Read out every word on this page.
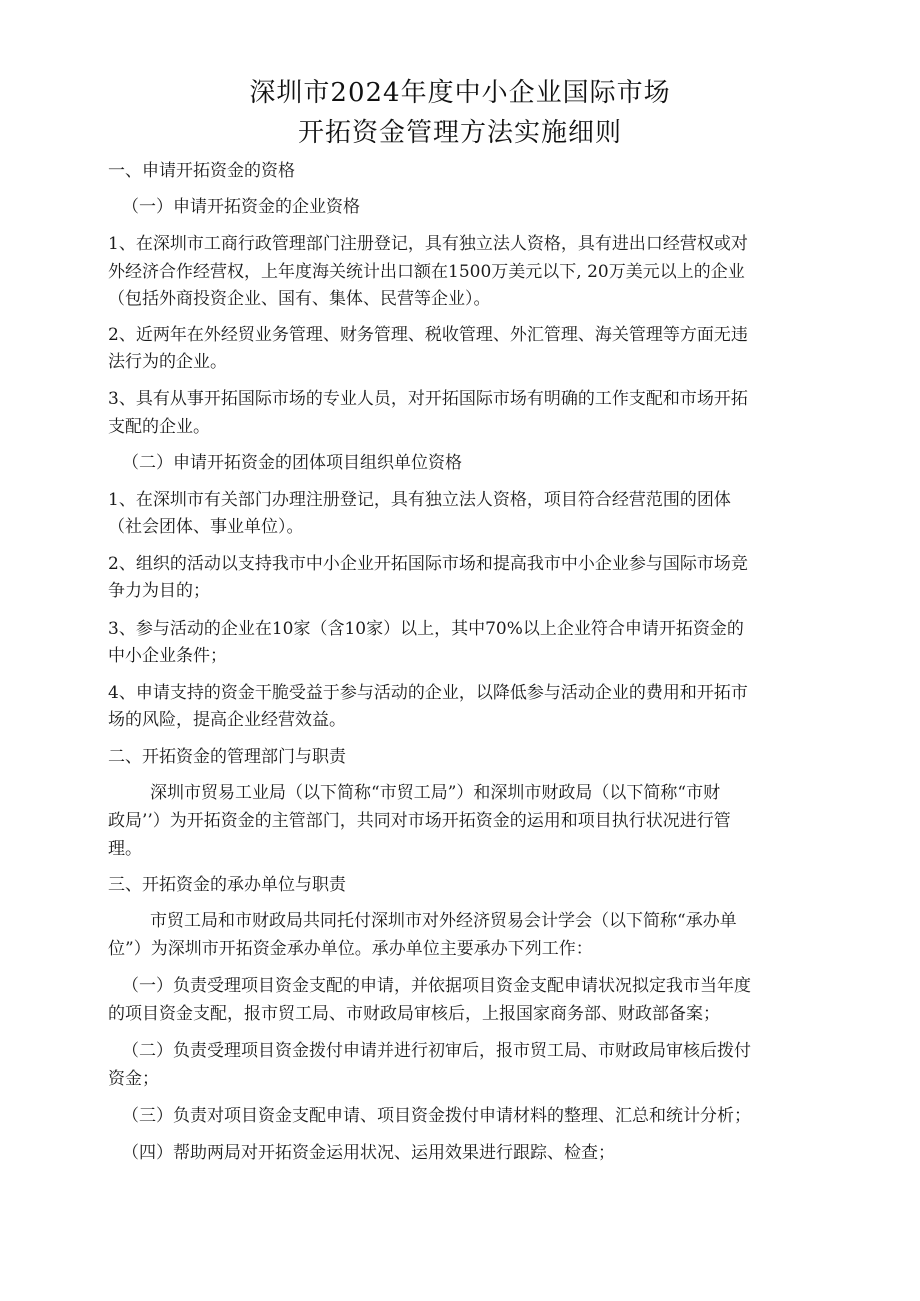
深圳市2024年度中小企业国际市场
开拓资金管理方法实施细则
一、申请开拓资金的资格
（一）申请开拓资金的企业资格
1、在深圳市工商行政管理部门注册登记，具有独立法人资格，具有进出口经营权或对
外经济合作经营权，上年度海关统计出口额在1500万美元以下, 20万美元以上的企业
（包括外商投资企业、国有、集体、民营等企业）。
2、近两年在外经贸业务管理、财务管理、税收管理、外汇管理、海关管理等方面无违
法行为的企业。
3、具有从事开拓国际市场的专业人员，对开拓国际市场有明确的工作支配和市场开拓
支配的企业。
（二）申请开拓资金的团体项目组织单位资格
1、在深圳市有关部门办理注册登记，具有独立法人资格，项目符合经营范围的团体
（社会团体、事业单位）。
2、组织的活动以支持我市中小企业开拓国际市场和提高我市中小企业参与国际市场竞
争力为目的；
3、参与活动的企业在10家（含10家）以上，其中70%以上企业符合申请开拓资金的
中小企业条件；
4、申请支持的资金干脆受益于参与活动的企业，以降低参与活动企业的费用和开拓市
场的风险，提高企业经营效益。
二、开拓资金的管理部门与职责
深圳市贸易工业局（以下简称“市贸工局”）和深圳市财政局（以下简称“市财
政局’’）为开拓资金的主管部门，共同对市场开拓资金的运用和项目执行状况进行管
理。
三、开拓资金的承办单位与职责
市贸工局和市财政局共同托付深圳市对外经济贸易会计学会（以下简称“承办单
位”）为深圳市开拓资金承办单位。承办单位主要承办下列工作：
（一）负责受理项目资金支配的申请，并依据项目资金支配申请状况拟定我市当年度
的项目资金支配，报市贸工局、市财政局审核后，上报国家商务部、财政部备案；
（二）负责受理项目资金拨付申请并进行初审后，报市贸工局、市财政局审核后拨付
资金；
（三）负责对项目资金支配申请、项目资金拨付申请材料的整理、汇总和统计分析；
（四）帮助两局对开拓资金运用状况、运用效果进行跟踪、检查；
